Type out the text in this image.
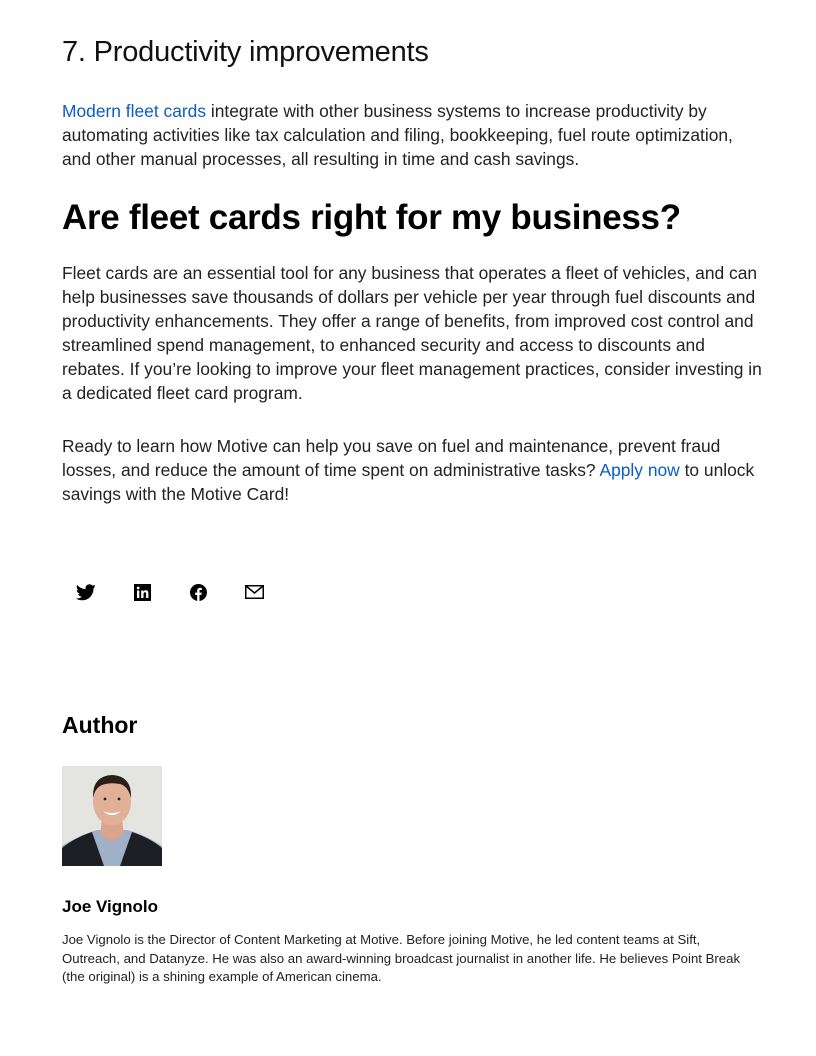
7. Productivity improvements

Modern fleet cards integrate with other business systems to increase productivity by automating activities like tax calculation and filing, bookkeeping, fuel route optimization, and other manual processes, all resulting in time and cash savings.

Are fleet cards right for my business?

Fleet cards are an essential tool for any business that operates a fleet of vehicles, and can help businesses save thousands of dollars per vehicle per year through fuel discounts and productivity enhancements. They offer a range of benefits, from improved cost control and streamlined spend management, to enhanced security and access to discounts and rebates. If you’re looking to improve your fleet management practices, consider investing in a dedicated fleet card program.

Ready to learn how Motive can help you save on fuel and maintenance, prevent fraud losses, and reduce the amount of time spent on administrative tasks? Apply now to unlock savings with the Motive Card!

Author
Joe Vignolo

Joe Vignolo is the Director of Content Marketing at Motive. Before joining Motive, he led content teams at Sift, Outreach, and Datanyze. He was also an award-winning broadcast journalist in another life. He believes Point Break (the original) is a shining example of American cinema.
